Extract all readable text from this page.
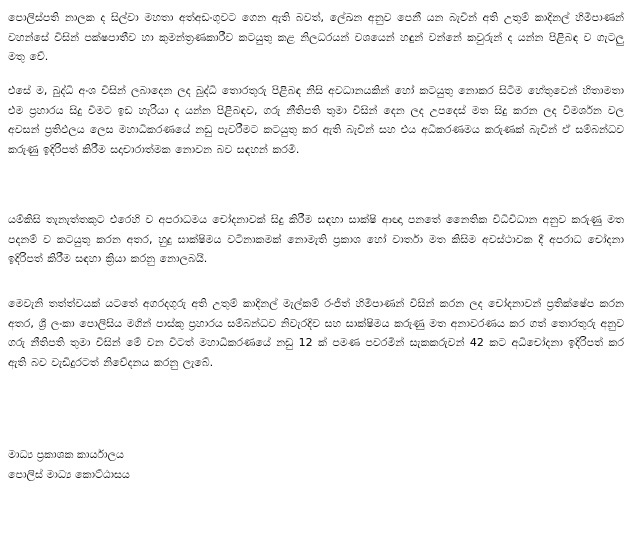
පොලිස්පති නාලක ද සිල්වා මහතා අත්අඩංගුවට ගෙන ඇති බවත්, ලේඛන අනුව පෙනී යන බැවින් අති උතුම් කාදිනල් හිමිපාණන් වහන්සේ විසින් පක්ෂපාතීව හා කුමන්ත්‍රණකාරීව කටයුතු කළ නිලධරයන් වශයෙන් හඳුන් වන්නේ කවුරුන් ද යන්න පිළිබඳ ව ගැටලු මතු වේ.

එසේ ම, බුද්ධි අංශ විසින් ලබාදෙන ලද බුද්ධි තොරතුරු පිළිබඳ නිසි අවධානයකින් හෝ කටයුතු නොකර සිටීම හේතුවෙන් හිතාමතා එම ප්‍රහාරය සිදු වීමට ඉඩ හැරියා ද යන්න පිළිබඳව, ගරු නීතිපති තුමා විසින් දෙන ලද උපදෙස් මත සිදු කරන ලද විමර්ශන වල අවසන් ප්‍රතිඵලය ලෙස මහාධිකරණයේ නඩු පැවරීමට කටයුතු කර ඇති බැවින් සහ එය අධිකරණමය කරුණක් බැවින් ඒ සම්බන්ධව කරුණු ඉදිරිපත් කිරීම සදාචාරාත්මක නොවන බව සඳහන් කරමි.

යම්කිසි තැනැත්තකුට එරෙහි ව අපරාධමය චෝදනාවක් සිදු කිරීම සඳහා සාක්ෂි ආඥා පනතේ නෛතික විධිවිධාන අනුව කරුණු මත පදනම් ව කටයුතු කරන අතර, හුදු සාක්ෂිමය වටිනාකමක් නොමැති ප්‍රකාශ හෝ වාර්තා මත කිසිම අවස්ථාවක දී අපරාධ චෝදනා ඉදිරිපත් කිරීම සඳහා ක්‍රියා කරනු නොලබයි.

මෙවැනි තත්ත්වයක් යටතේ අගරදගුරු අති උතුම් කාදිනල් මැල්කම් රංජිත් හිමිපාණන් විසින් කරන ලද චෝදනාවන් ප්‍රතික්ෂේප කරන අතර, ශ්‍රී ලංකා පොලිසිය මගින් පාස්කු ප්‍රහාරය සම්බන්ධව නිවැරදිව සහ සාක්ෂිමය කරුණු මත අනාවරණය කර ගත් තොරතුරු අනුව ගරු නීතිපති තුමා විසින් මේ වන විටත් මහාධිකරණයේ නඩු 12 ක් පමණ පවරමින් සැකකරුවන් 42 කට අධිචෝදනා ඉදිරිපත් කර ඇති බව වැඩිදුරටත් නිවේදනය කරනු ලැබේ.

මාධ්‍ය ප්‍රකාශක කාර්යාලය
පොලිස් මාධ්‍ය කොට්ඨාසය
